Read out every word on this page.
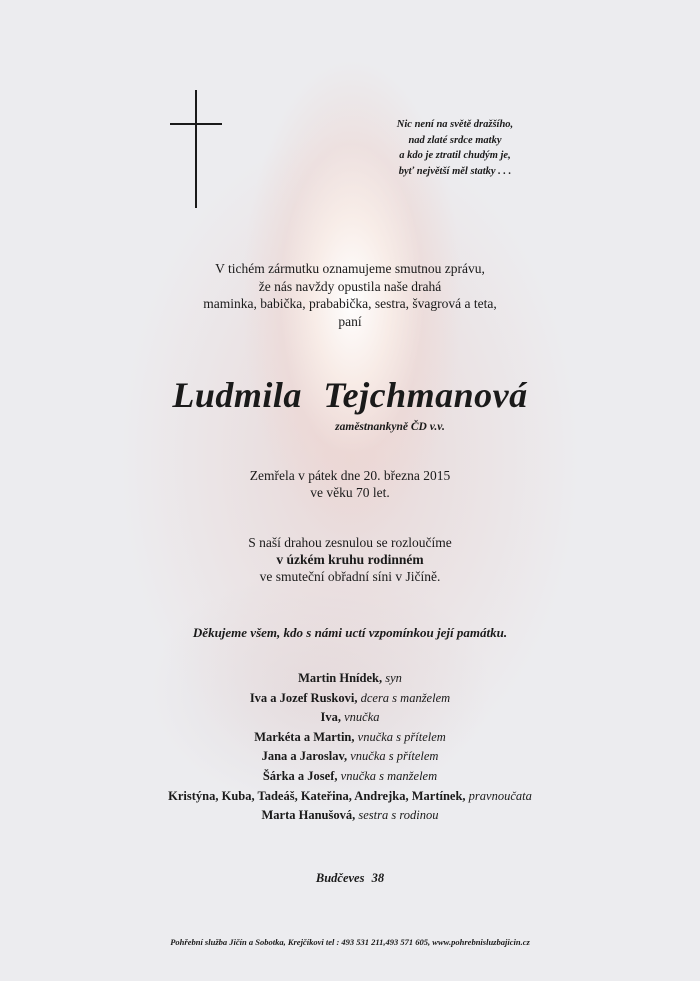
Nic není na světě dražšího,
nad zlaté srdce matky
a kdo je ztratil chudým je,
byť největší měl statky . . .
V tichém zármutku oznamujeme smutnou zprávu,
že nás navždy opustila naše drahá
maminka, babička, prababička, sestra, švagrová a teta,
paní
Ludmila Tejchmanová
zaměstnankyně ČD v.v.
Zemřela v pátek dne 20. března 2015
ve věku 70 let.
S naší drahou zesnulou se rozloučíme
v úzkém kruhu rodinném
ve smuteční obřadní síni v Jičíně.
Děkujeme všem, kdo s námi uctí vzpomínkou její památku.
Martin Hnídek, syn
Iva a Jozef Ruskovi, dcera s manželem
Iva, vnučka
Markéta a Martin, vnučka s přítelem
Jana a Jaroslav, vnučka s přítelem
Šárka a Josef, vnučka s manželem
Kristýna, Kuba, Tadeáš, Kateřina, Andrejka, Martínek, pravnoučata
Marta Hanušová, sestra s rodinou
Budčeves 38
Pohřební služba Jičín a Sobotka, Krejčíkovi tel : 493 531 211,493 571 605, www.pohrebnisluzbajicin.cz
